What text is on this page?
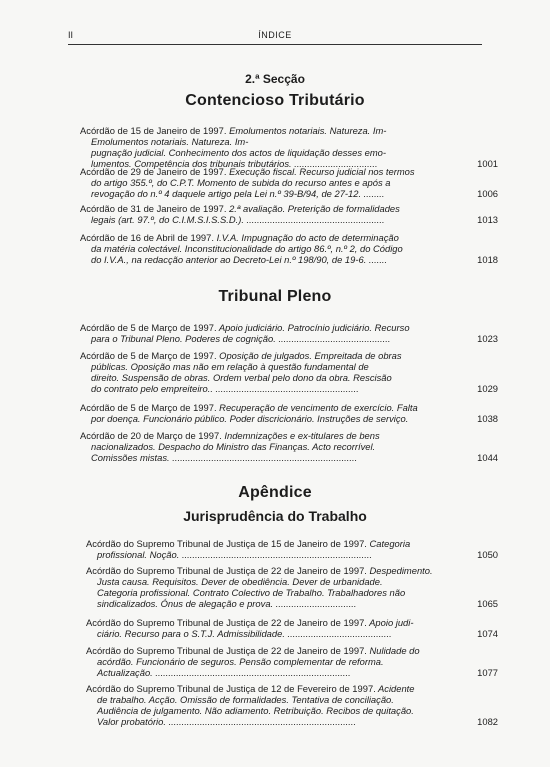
II	ÍNDICE
2.ª Secção
Contencioso Tributário
Acórdão de 15 de Janeiro de 1997. Emolumentos notariais. Natureza. Im-
Emolumentos notariais. Natureza. Im-
pugnação judicial. Conhecimento dos actos de liquidação desses emo-
lumentos. Competência dos tribunais tributários. ................................	1001
Acórdão de 29 de Janeiro de 1997. Execução fiscal. Recurso judicial nos termos
do artigo 355.º, do C.P.T. Momento de subida do recurso antes e após a
revogação do n.º 4 daquele artigo pela Lei n.º 39-B/94, de 27-12. ........	1006
Acórdão de 31 de Janeiro de 1997. 2.ª avaliação. Preterição de formalidades
legais (art. 97.º, do C.I.M.S.I.S.S.D.). .....................................................	1013
Acórdão de 16 de Abril de 1997. I.V.A. Impugnação do acto de determinação
da matéria colectável. Inconstitucionalidade do artigo 86.º, n.º 2, do Código
do I.V.A., na redacção anterior ao Decreto-Lei n.º 198/90, de 19-6. .......	1018
Tribunal Pleno
Acórdão de 5 de Março de 1997. Apoio judiciário. Patrocínio judiciário. Recurso
para o Tribunal Pleno. Poderes de cognição. ...........................................	1023
Acórdão de 5 de Março de 1997. Oposição de julgados. Empreitada de obras
públicas. Oposição mas não em relação à questão fundamental de
direito. Suspensão de obras. Ordem verbal pelo dono da obra. Rescisão
do contrato pelo empreiteiro.. .......................................................	1029
Acórdão de 5 de Março de 1997. Recuperação de vencimento de exercício. Falta
por doença. Funcionário público. Poder discricionário. Instruções de serviço.	1038
Acórdão de 20 de Março de 1997. Indemnizações e ex-titulares de bens
nacionalizados. Despacho do Ministro das Finanças. Acto recorrível.
Comissões mistas. .......................................................................	1044
Apêndice
Jurisprudência do Trabalho
Acórdão do Supremo Tribunal de Justiça de 15 de Janeiro de 1997. Categoria
profissional. Noção. .........................................................................	1050
Acórdão do Supremo Tribunal de Justiça de 22 de Janeiro de 1997. Despedimento.
Justa causa. Requisitos. Dever de obediência. Dever de urbanidade.
Categoria profissional. Contrato Colectivo de Trabalho. Trabalhadores não
sindicalizados. Ónus de alegação e prova. ...............................	1065
Acórdão do Supremo Tribunal de Justiça de 22 de Janeiro de 1997. Apoio judi-
ciário. Recurso para o S.T.J. Admissibilidade. ........................................	1074
Acórdão do Supremo Tribunal de Justiça de 22 de Janeiro de 1997. Nulidade do
acórdão. Funcionário de seguros. Pensão complementar de reforma.
Actualização. ...........................................................................	1077
Acórdão do Supremo Tribunal de Justiça de 12 de Fevereiro de 1997. Acidente
de trabalho. Acção. Omissão de formalidades. Tentativa de conciliação.
Audiência de julgamento. Não adiamento. Retribuição. Recibos de quitação.
Valor probatório. ........................................................................	1082
